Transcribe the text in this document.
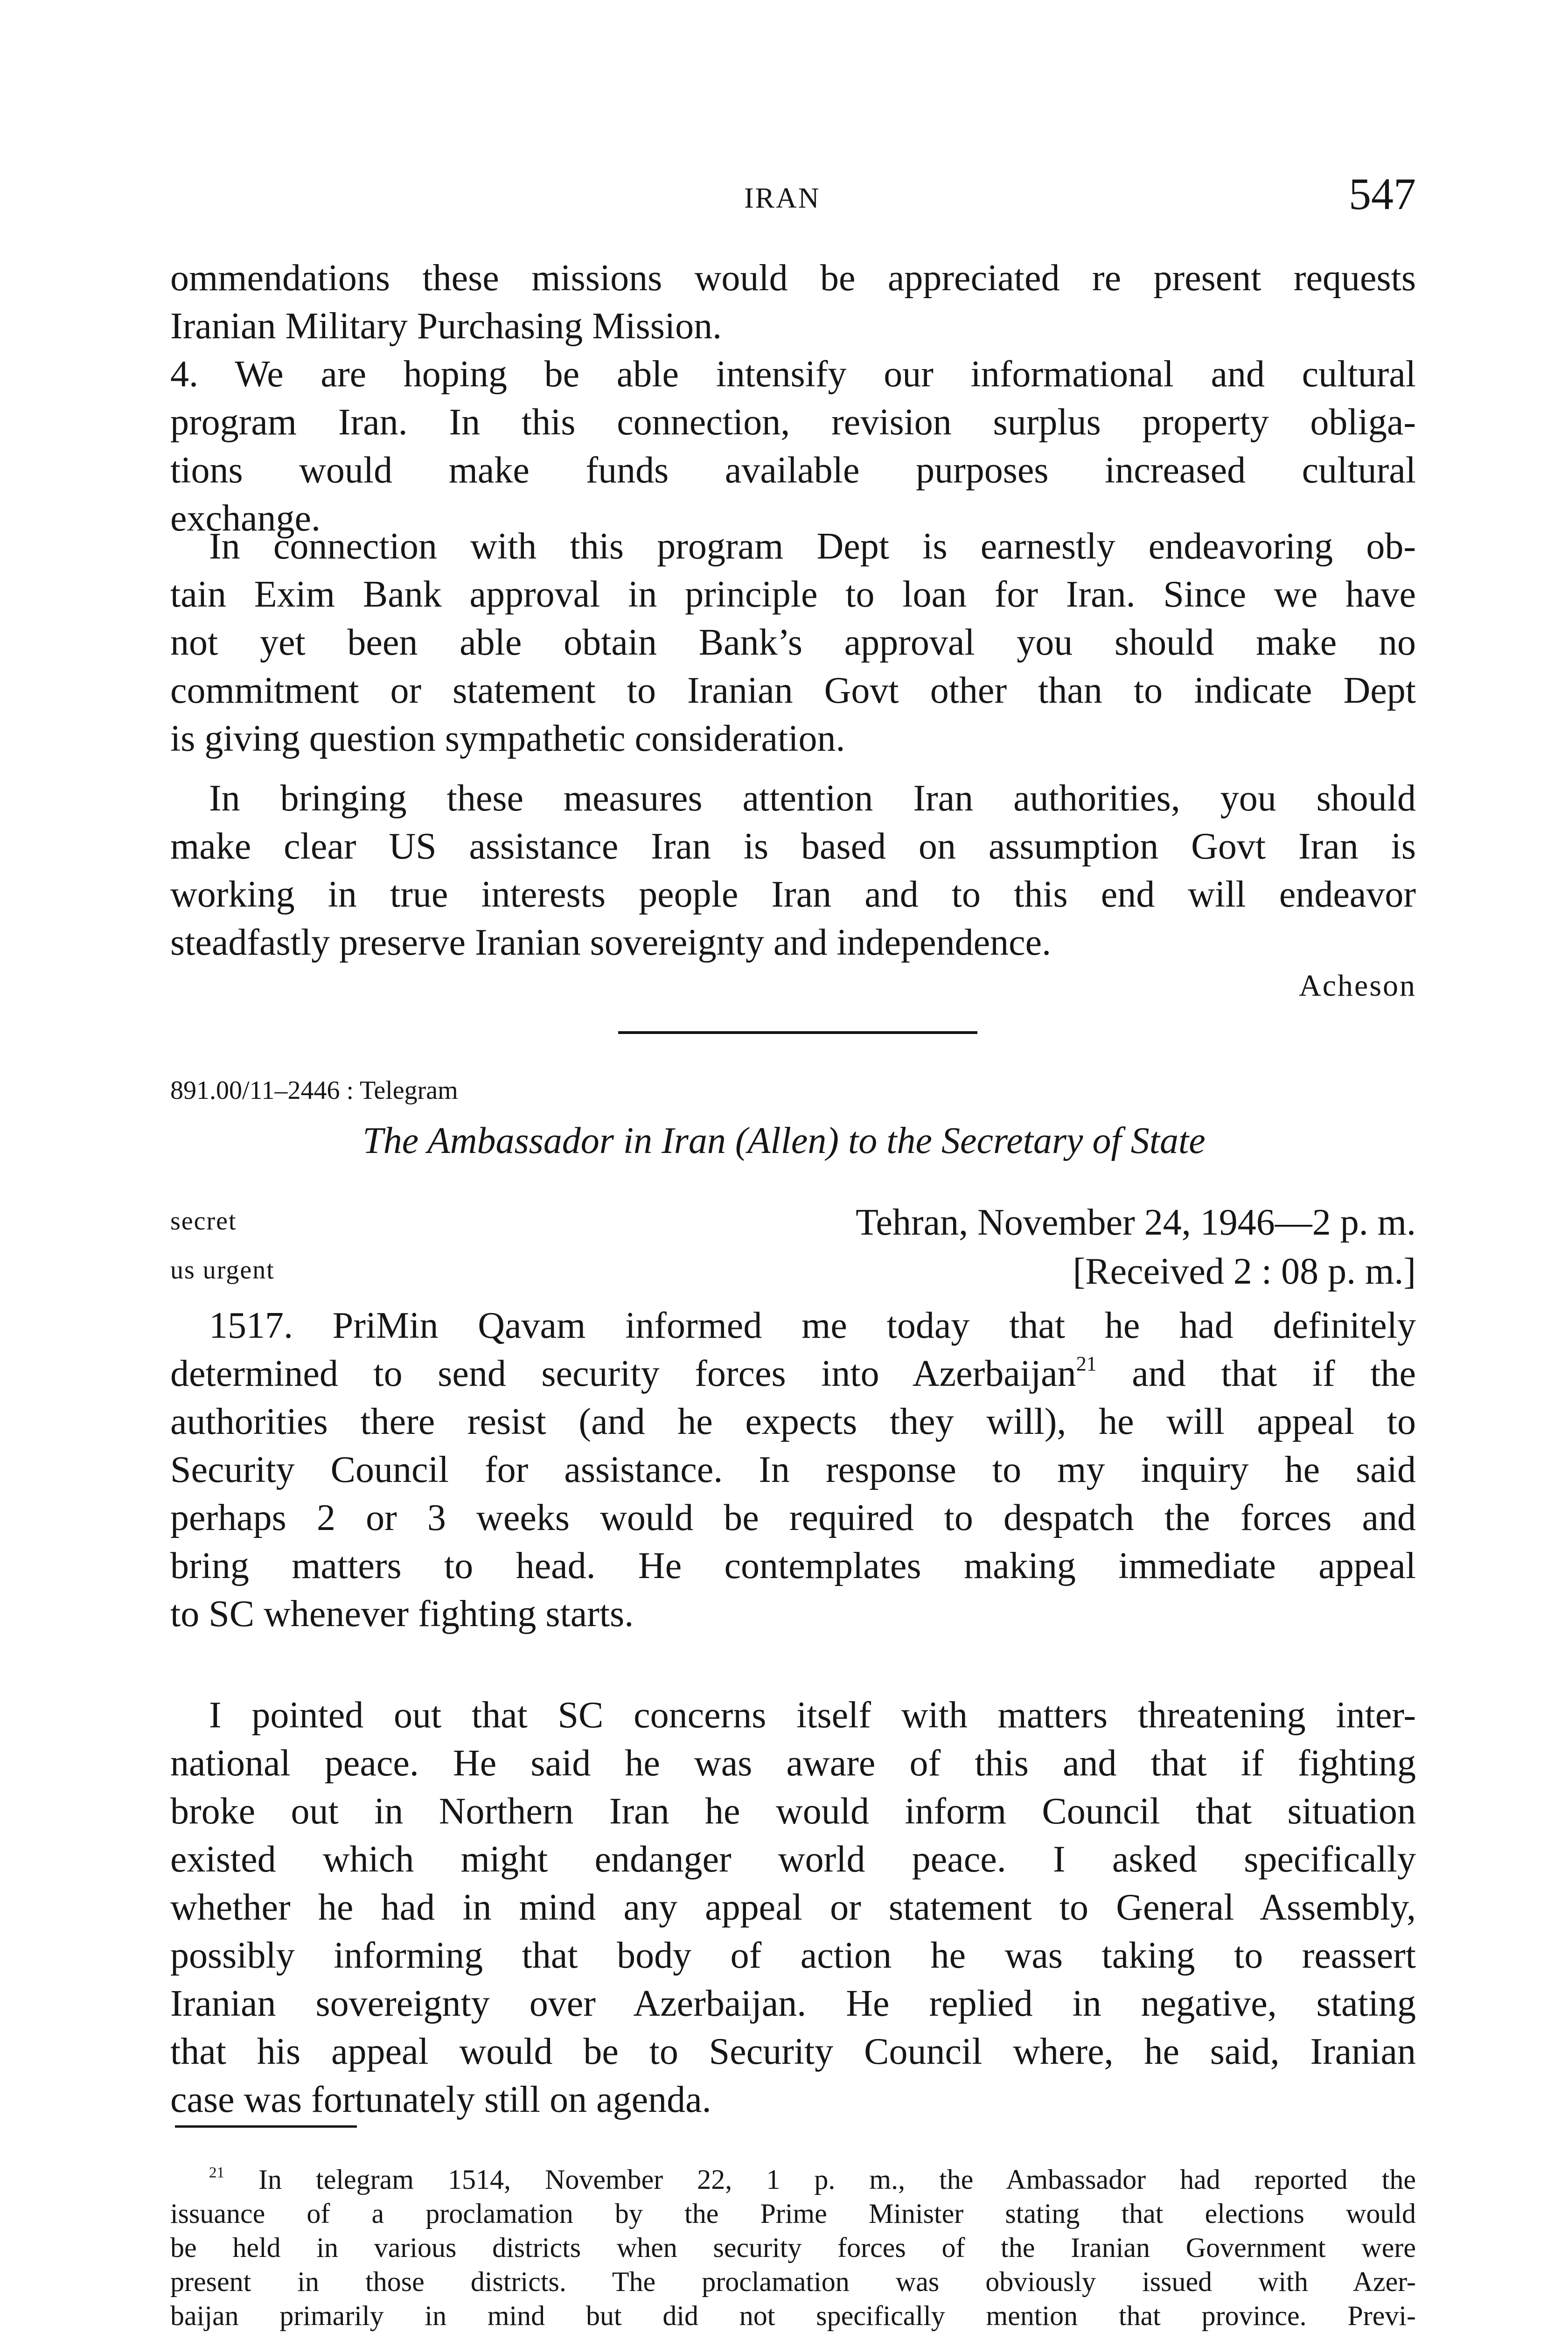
IRAN	547

ommendations these missions would be appreciated re present requests

Iranian Military Purchasing Mission.

4. We are hoping be able intensify our informational and cultural

program Iran. In this connection, revision surplus property obliga-

tions would make funds available purposes increased cultural

exchange.

In connection with this program Dept is earnestly endeavoring ob-

tain Exim Bank approval in principle to loan for Iran. Since we have

not yet been able obtain Bank’s approval you should make no

commitment or statement to Iranian Govt other than to indicate Dept

is giving question sympathetic consideration.

In bringing these measures attention Iran authorities, you should

make clear US assistance Iran is based on assumption Govt Iran is

working in true interests people Iran and to this end will endeavor

steadfastly preserve Iranian sovereignty and independence.

Acheson
891.00/11–2446 : Telegram
The Ambassador in Iran (Allen) to the Secretary of State
secret	Tehran, November 24, 1946—2 p. m.
us urgent	[Received 2 : 08 p. m.]

1517. PriMin Qavam informed me today that he had definitely

determined to send security forces into Azerbaijan$^{21}$ and that if the

authorities there resist (and he expects they will), he will appeal to

Security Council for assistance. In response to my inquiry he said

perhaps 2 or 3 weeks would be required to despatch the forces and

bring matters to head. He contemplates making immediate appeal

to SC whenever fighting starts.

I pointed out that SC concerns itself with matters threatening inter-

national peace. He said he was aware of this and that if fighting

broke out in Northern Iran he would inform Council that situation

existed which might endanger world peace. I asked specifically

whether he had in mind any appeal or statement to General Assembly,

possibly informing that body of action he was taking to reassert

Iranian sovereignty over Azerbaijan. He replied in negative, stating

that his appeal would be to Security Council where, he said, Iranian

case was fortunately still on agenda.

$^{21}$ In telegram 1514, November 22, 1 p. m., the Ambassador had reported the

issuance of a proclamation by the Prime Minister stating that elections would

be held in various districts when security forces of the Iranian Government were

present in those districts. The proclamation was obviously issued with Azer-

baijan primarily in mind but did not specifically mention that province. Previ-
